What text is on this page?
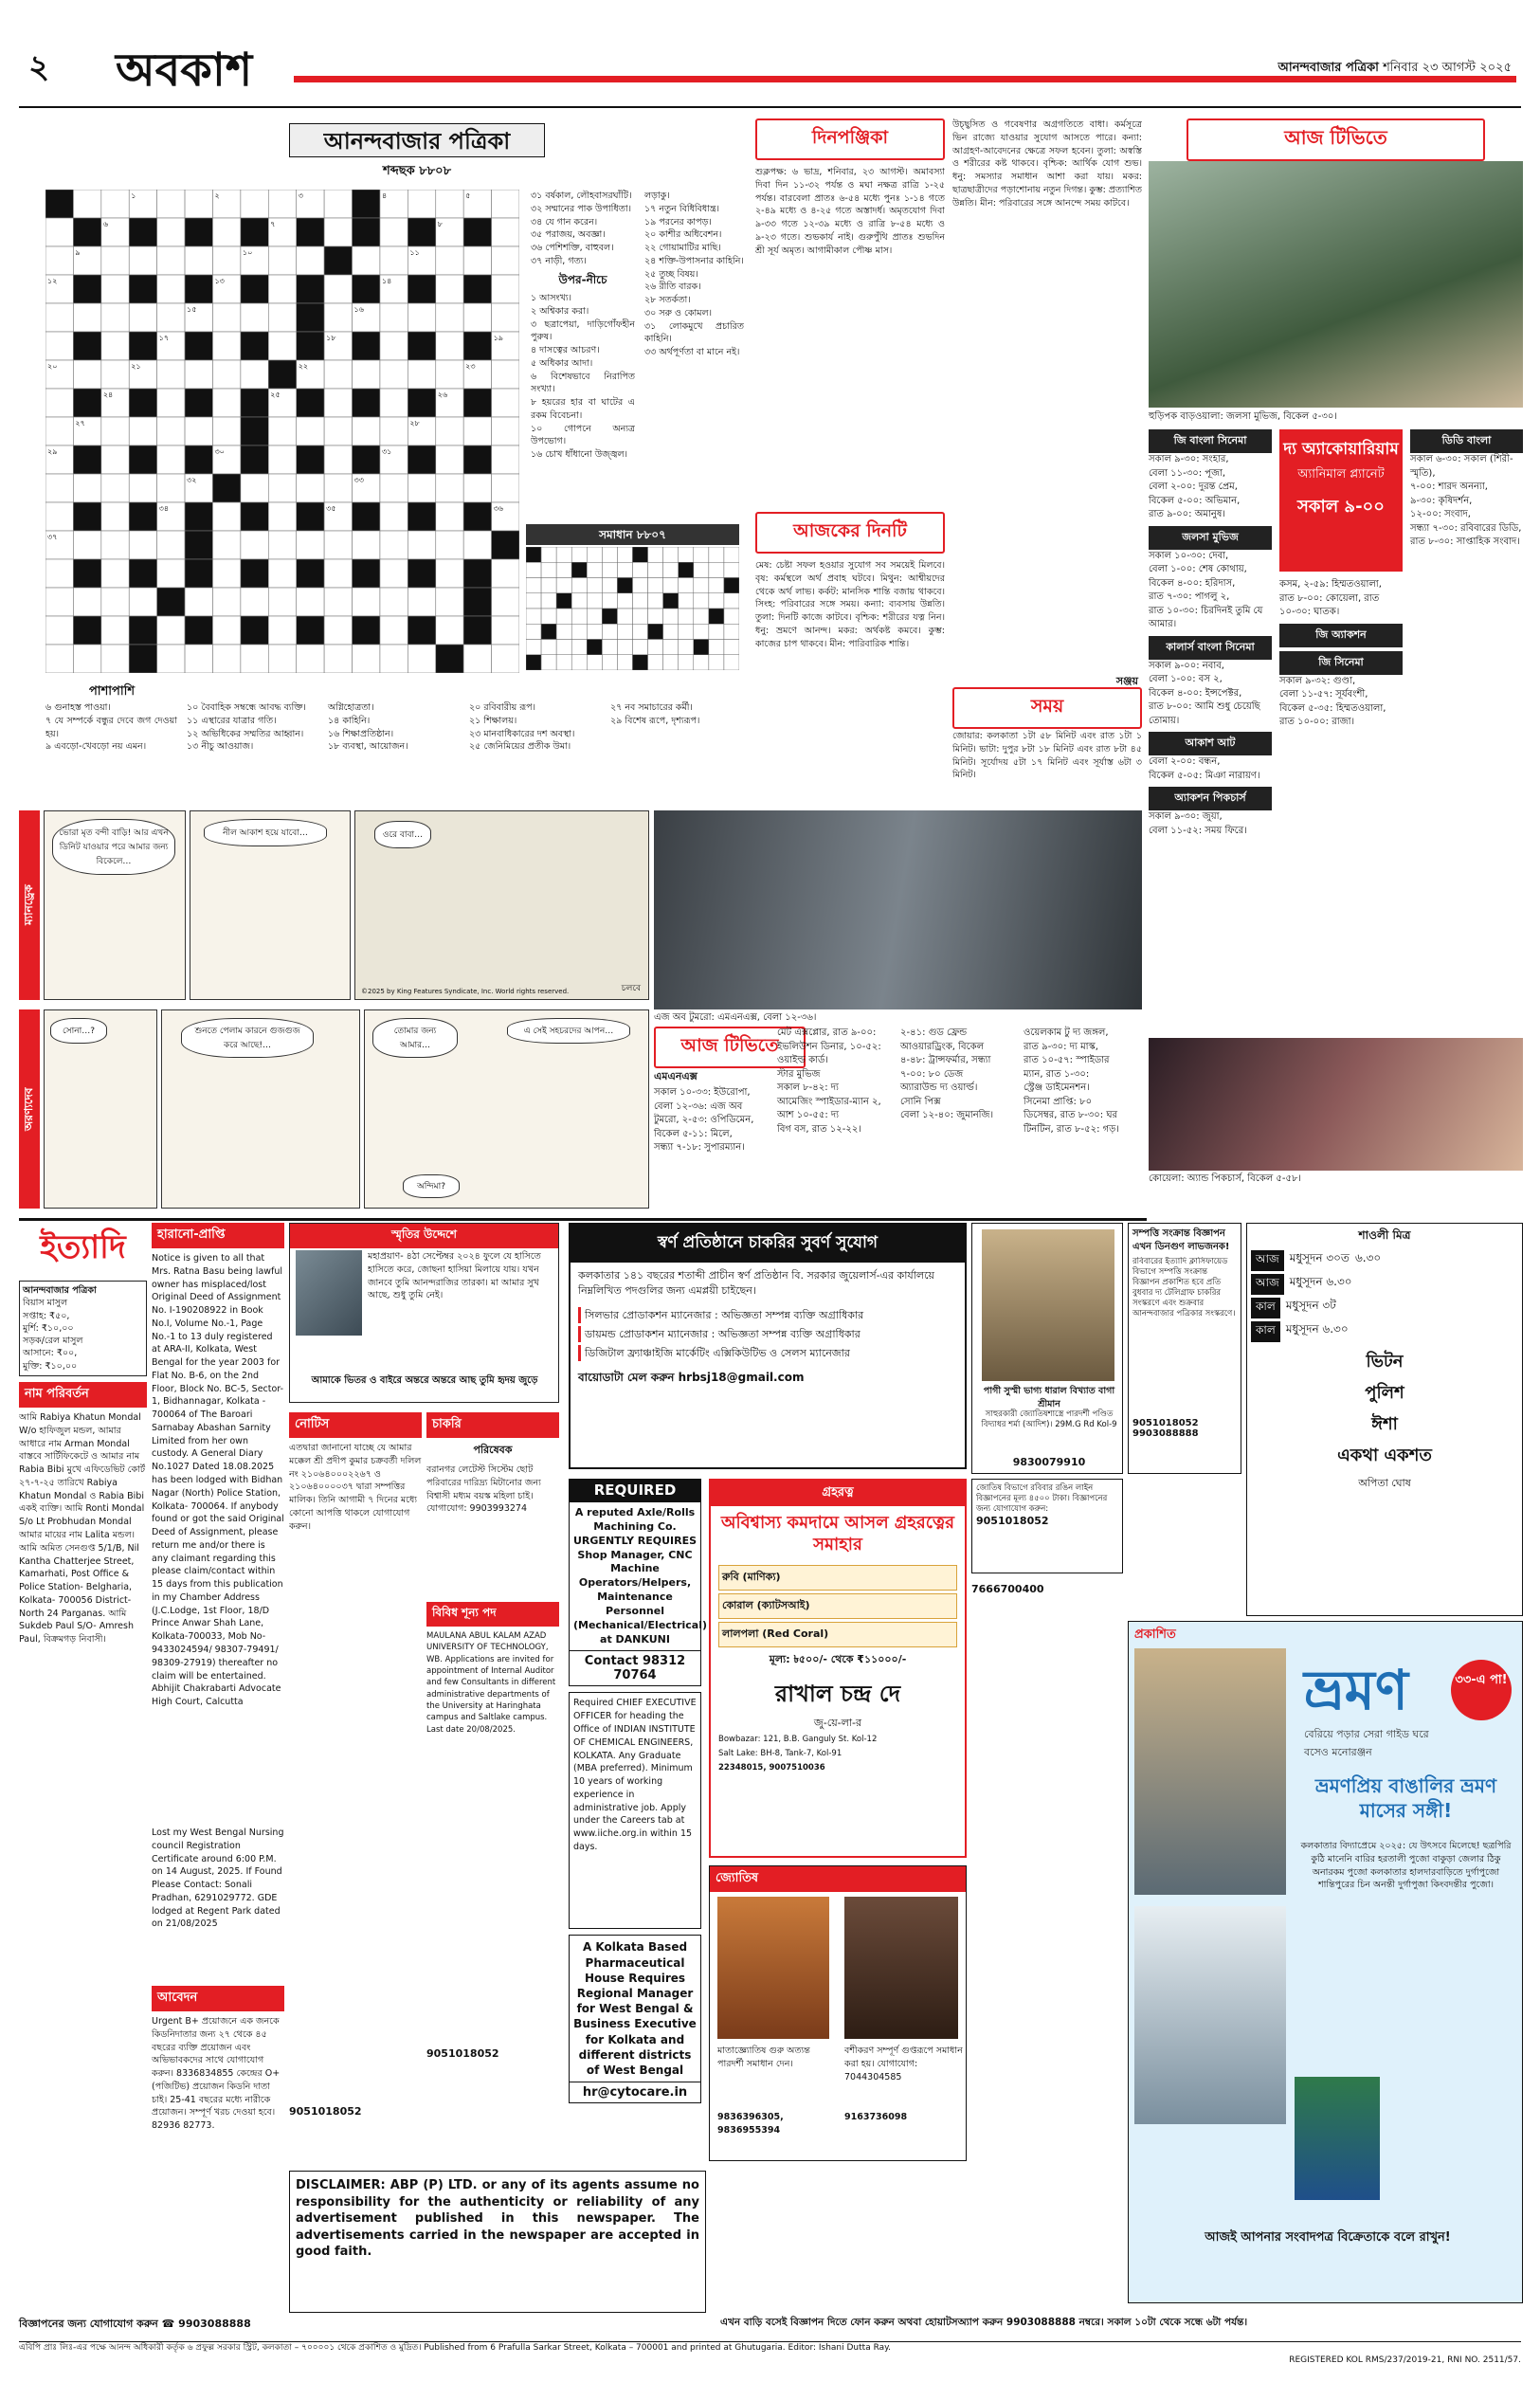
২ অবকাশ	আনন্দবাজার পত্রিকা শনিবার ২৩ আগস্ট ২০২৫
আনন্দবাজার পত্রিকা
শব্দছক ৮৮০৮
১	২	৩	৪	৫
৬	৭	৮
৯	১০	১১
১২	১৩	১৪
১৫	১৬
১৭	১৮	১৯
২০	২১	২২	২৩
২৪	২৫	২৬
২৭	২৮
২৯	৩০	৩১
৩২	৩৩
৩৪	৩৫	৩৬
৩৭
৩১ বর্ষকাল, লৌহবাসরঘাঁটি।
৩২ সম্মানের পাক উপাধিতা।
৩৪ যে গান করেন।
৩৫ পরাজয়, অবজ্ঞা।
৩৬ পেশিশক্তি, বাহুবল।
৩৭ নাড়ী, গত্য।
উপর-নীচে
১ আসংখ্য।
২ অশ্বিকার করা।
৩ ছত্রাপেয়া, দাড়িগোঁফহীন পুরুষ।
৪ দাসত্বের আচরণ।
৫ অধিকার আদা।
৬ বিশেষভাবে নিরাপিত সংখ্যা।
৮ হয়রের হার বা ঘাটের এ রকম বিবেচনা।
১০ গোপনে অন্যত্ৰ উপভোগ।
১৬ চোখ ধাঁধানো উজ্জ্বল।
লড়াকু।
১৭ নতুন বিধিবিধান্ত্র।
১৯ পরনের কাপড়।
২০ কাশীর অধিবেশন।
২২ গোয়ামাটির মাছি।
২৪ শক্তি-উপাসনার কাহিনি।
২৫ তুচ্ছ বিষয়।
২৬ রীতি বারক।
২৮ সতর্কতা।
৩০ সরু ও কোমল।
৩১ লোকমুখে প্রচারিত কাহিনি।
৩৩ অর্থপূর্ণতা বা মানে নই।
সমাধান ৮৮০৭
পাশাপাশি
৬ গুনাহস্ত পাওয়া।
৭ যে সম্পর্কে বন্ধুর দেবে জগ দেওয়া হয়।
৯ এবড়ো-খেবড়ো নয় এমন।
১০ বৈবাহিক সম্বন্ধে আবদ্ধ ব্যক্তি।
১১ এস্থারের যাত্রার গতি।
১২ অভিধিকের সম্মতির আহ্বান।
১৩ নীচু আওয়াজ।
অগ্নিহোত্রতা।
১৪ কাহিনি।
১৬ শিক্ষাপ্রতিষ্ঠান।
১৮ ব্যবস্থা, আয়োজন।
২০ রবিবারীয় রূপ।
২১ শিক্ষালয়।
২৩ মানবাধিকারের দশ অবস্থা।
২৫ জেনিমিয়ের প্রতীক উমা।
২৭ নব সমাচারের কর্মী।
২৯ বিশেষ রূপে, দৃশ্যরূপ।
দিনপঞ্জিকা
শুক্লপক্ষ: ৬ ভাদ্র, শনিবার, ২৩ আগস্ট। অমাবস্যা দিবা দিন ১১-৩২ পর্যন্ত ও মঘা নক্ষত্র রাত্রি ১-২৫ পর্যন্ত। বারবেলা প্রাতঃ ৬-৫৪ মধ্যে পুনঃ ১-১৪ গতে ২-৪৯ মধ্যে ও ৪-২৫ গতে অস্তাদর্ধ। অমৃতযোগ দিবা ৯-৩৩ গতে ১২-৩৯ মধ্যে ও রাত্রি ৮-৫৪ মধ্যে ও ৯-২৩ গতে। শুভকার্য নাই। গুরুপুঁথি প্রাতঃ শুভদিন শ্রী সূর্য অমৃত। আগামীকাল পৌষ্ণ মাস।
আজকের দিনটি
মেষ: চেষ্টা সফল হওয়ার সুযোগ সব সময়েই মিলবে। বৃষ: কর্মস্থলে অর্থ প্রবাহ ঘটবে। মিথুন: আশ্বীয়দের থেকে অর্থ লাভ। কর্কট: মানসিক শান্তি বজায় থাকবে। সিংহ: পরিবারের সঙ্গে সময়। কন্যা: ব্যবসায় উন্নতি। তুলা: দিনটি কাজে কাটবে। বৃশ্চিক: শরীরের যত্ন নিন। ধনু: ভ্রমণে আনন্দ। মকর: অর্থকষ্ট কমবে। কুম্ভ: কাজের চাপ থাকবে। মীন: পারিবারিক শান্তি।
উচ্ছ্বসিত ও গবেষণার অগ্রগতিতে বাধা। কর্মসূত্রে ভিন রাজ্যে যাওয়ার সুযোগ আসতে পারে। কন্যা: আগ্রহণ-আবেদনের ক্ষেত্রে সফল হবেন। তুলা: অস্বস্তি ও শরীরের কষ্ট থাকবে। বৃশ্চিক: আর্থিক যোগ শুভ। ধনু: সমস্যার সমাধান আশা করা যায়। মকর: ছাত্রছাত্রীদের পড়াশোনায় নতুন দিগন্ত। কুম্ভ: প্রত্যাশিত উন্নতি। মীন: পরিবারের সঙ্গে আনন্দে সময় কাটবে।
সঞ্জয়
সময়
জোয়ার: কলকাতা ১টা ৫৮ মিনিট এবং রাত ১টা ১ মিনিট। ভাটা: দুপুর ৮টা ১৮ মিনিট এবং রাত ৮টা ৪৫ মিনিট। সূর্যোদয় ৫টা ১৭ মিনিট এবং সূর্যাস্ত ৬টা ৩ মিনিট।
আজ টিভিতে
হুড়িপক বাড়ওয়ালা: জলসা মুভিজ, বিকেল ৫-৩০।
জি বাংলা সিনেমা
সকাল ৯-৩০: সংহার,
বেলা ১১-৩০: পূজা,
বেলা ২-০০: দুরন্ত প্রেম,
বিকেল ৫-০০: অভিমান,
রাত ৯-০০: অমানুষ।
জলসা মুভিজ
সকাল ১০-৩০: দেবা,
বেলা ১-০০: শেষ কোথায়,
বিকেল ৪-০০: হরিদাস,
রাত ৭-৩০: পাগলু ২,
রাত ১০-৩০: চিরদিনই তুমি যে আমার।
কালার্স বাংলা সিনেমা
সকাল ৯-০০: নবাব,
বেলা ১-০০: বস ২,
বিকেল ৪-০০: ইন্সপেক্টর,
রাত ৮-০০: আমি শুধু চেয়েছি তোমায়।
আকাশ আট
বেলা ২-০০: বন্ধন,
বিকেল ৫-০৫: মিঞা নারায়ণ।
অ্যাকশন পিকচার্স
সকাল ৯-৩০: জুয়া,
বেলা ১১-৫২: সময় ফিরে।
দ্য অ্যাকোয়ারিয়াম
অ্যানিমাল প্ল্যানেট
সকাল ৯-০০
কসম, ২-৫৯: হিম্মতওয়ালা,
রাত ৮-০০: কোয়েলা, রাত ১০-৩০: ঘাতক।
জি অ্যাকশন
জি সিনেমা
সকাল ৯-৩২: গুণ্ডা,
বেলা ১১-৫৭: সূর্যবংশী,
বিকেল ৫-৩৫: হিম্মতওয়ালা,
রাত ১০-০০: রাজা।
ডিডি বাংলা
সকাল ৬-৩০: সকাল (শিরী- স্মৃতি),
৭-০০: শারদ অনন্যা,
৯-৩০: কৃষিদর্শন,
১২-০০: সংবাদ,
সন্ধ্যা ৭-৩০: রবিবারের ডিডি,
রাত ৮-৩০: সাপ্তাহিক সংবাদ।
কোয়েলা: অ্যান্ড পিকচার্স, বিকেল ৫-৫৮।
ম্যানড্রেক
ভোরা মৃত বন্দী বাড়ি! আর এখন ডিনিট যাওয়ার পরে আমার জন্য বিকেলে…
নীল আকাশ হয়ে যাবো…	ওরে বাবা…
চলবে
©2025 by King Features Syndicate, Inc. World rights reserved.
অরণ্যদেব
সোনা…?	শুনতে পেলাম কারনে গুজগুজ করে আছে!…
তোমার জন্য আমার…
এ সেই সহচরদের আপন…
অন্দিমা?
এজ অব টুমরো: এমএনএক্স, বেলা ১২-৩৬।
আজ টিভিতে
এমএনএক্স
সকাল ১০-৩৩: ইউরোপা,
বেলা ১২-৩৬: এজ অব
টুমরো, ২-৫৩: ওপিডিমেন,
বিকেল ৫-১১: মিলে,
সন্ধ্যা ৭-১৮: সুপারম্যান।
মেট এক্সপ্লোর, রাত ৯-০০:
ইভলিউশন ডিনার, ১০-৫২:
ওয়াইল্ড কার্ড।
স্টার মুভিজ
সকাল ৮-৪২: দ্য
আমেজিং স্পাইডার-ম্যান ২,
আশ ১০-৫৫: দ্য
বিগ বস, রাত ১২-২২।
২-৪১: গুড ফ্রেন্ড
আওয়ারড্রিংক, বিকেল
৪-৪৮: ট্রান্সফর্মার, সন্ধ্যা
৭-০০: ৮০ ডেজ
অ্যারাউন্ড দ্য ওয়ার্ল্ড।
সোনি পিক্স
বেলা ১২-৪০: জুমানজি।
ওয়েলকাম টু দ্য জঙ্গল,
রাত ৯-৩০: দ্য মাস্ক,
রাত ১০-৫৭: স্পাইডার
ম্যান, রাত ১-৩০:
স্ট্রেঞ্জ ডাইমেনশন।
সিনেমা প্রাপ্তি: ৮০
ডিসেম্বর, রাত ৮-৩০: ঘর
টিনটিন, রাত ৮-৫২: গড়।
ইত্যাদি
আনন্দবাজার পত্রিকা
বিয়াস মাসুল
সপ্তাহ: ₹৫০,
মুর্শি: ₹১০,০০
সড়ক/রেল মাসুল
আসানে: ₹০০,
মুক্তি: ₹১০,০০
নাম পরিবর্তন
আমি Rabiya Khatun Mondal W/o হাফিজুল মন্ডল, আমার আধারে নাম Arman Mondal বাস্তবে সার্টিফিকেটে ও আমার নাম Rabia Bibi মুখে এফিডেভিট কোর্ট ২৭-৭-২৫ তারিখে Rabiya Khatun Mondal ও Rabia Bibi একই ব্যক্তি। আমি Ronti Mondal S/o Lt Probhudan Mondal আমার মায়ের নাম Lalita মন্ডল। আমি অমিত সেনগুপ্ত 5/1/B, Nil Kantha Chatterjee Street, Kamarhati, Post Office & Police Station- Belgharia, Kolkata- 700056 District- North 24 Parganas. আমি Sukdeb Paul S/O- Amresh Paul, বিক্রমগড় নিবাসী।
হারানো-প্রাপ্তি
Notice is given to all that Mrs. Ratna Basu being lawful owner has misplaced/lost Original Deed of Assignment No. I-190208922 in Book No.I, Volume No.-1, Page No.-1 to 13 duly registered at ARA-II, Kolkata, West Bengal for the year 2003 for Flat No. B-6, on the 2nd Floor, Block No. BC-5, Sector-1, Bidhannagar, Kolkata - 700064 of The Baroari Sarnabay Abashan Sarnity Limited from her own custody. A General Diary No.1027 Dated 18.08.2025 has been lodged with Bidhan Nagar (North) Police Station, Kolkata- 700064. If anybody found or got the said Original Deed of Assignment, please return me and/or there is any claimant regarding this please claim/contact within 15 days from this publication in my Chamber Address (J.C.Lodge, 1st Floor, 18/D Prince Anwar Shah Lane, Kolkata-700033, Mob No- 9433024594/ 98307-79491/ 98309-27919) thereafter no claim will be entertained. Abhijit Chakrabarti Advocate High Court, Calcutta
Lost my West Bengal Nursing council Registration Certificate around 6:00 P.M. on 14 August, 2025. If Found Please Contact: Sonali Pradhan, 6291029772. GDE lodged at Regent Park dated on 21/08/2025
আবেদন
Urgent B+ প্রয়োজনে এক জনকে কিডনিদাতার জন্য ২৭ থেকে ৪৫ বছরের ব্যক্তি প্রয়োজন এবং অভিভাবকদের সাথে যোগাযোগ করুন। 8336834855 কেন্দ্রের O+ (পজিটিভ) প্রয়োজন কিডনি দাতা চাই। 25-41 বছরের মধ্যে নারীকে প্রয়োজন। সম্পূর্ণ খরচ দেওয়া হবে। 82936 82773.
স্মৃতির উদ্দেশে
মহাপ্রয়াণ- ৪ঠা সেপ্টেম্বর ২০২৪ ফুলে যে হাসিতে হাসিতে করে, জোছনা হাসিয়া মিলায়ে যায়। যখন জানবে তুমি আনন্দরাজির তারকা। মা আমার সুখ আছে, শুধু তুমি নেই।
আমাকে ভিতর ও বাইরে অন্তরে অন্তরে আছ তুমি হৃদয় জুড়ে
নোটিস
এতদ্বারা জানানো যাচ্ছে যে আমার মক্কেল শ্রী প্রদীপ কুমার চক্রবর্তী দলিল নং ২১০৬৪০০০২২৬৭ ও ২১০৬৪০০০০৩৭ দ্বারা সম্পত্তির মালিক। তিনি আগামী ৭ দিনের মধ্যে কোনো আপত্তি থাকলে যোগাযোগ করুন।
9051018052
চাকরি
পরিষেবক
বরানগর লেটেস্ট সিস্টেম ছোট পরিবারের দারিদ্র্য মিটানোর জন্য বিশ্বাসী মধ্যম বয়স্ক মহিলা চাই। যোগাযোগ: 9903993274
বিবিধ শূন্য পদ
MAULANA ABUL KALAM AZAD UNIVERSITY OF TECHNOLOGY, WB. Applications are invited for appointment of Internal Auditor and few Consultants in different administrative departments of the University at Haringhata campus and Saltlake campus. Last date 20/08/2025.
9051018052
স্বর্ণ প্রতিষ্ঠানে চাকরির সুবর্ণ সুযোগ
কলকাতার ১৪১ বছরের শতাব্দী প্রাচীন স্বর্ণ প্রতিষ্ঠান বি. সরকার জুয়েলার্স-এর কার্যালয়ে নিম্নলিখিত পদগুলির জন্য এমপ্লয়ী চাইছেন।
সিলভার প্রোডাকশন ম্যানেজার : অভিজ্ঞতা সম্পন্ন ব্যক্তি অগ্রাধিকার
ডায়মন্ড প্রোডাকশন ম্যানেজার : অভিজ্ঞতা সম্পন্ন ব্যক্তি অগ্রাধিকার
ডিজিটাল ফ্র্যাঞ্চাইজি মার্কেটিং এক্সিকিউটিভ ও সেলস ম্যানেজার
বায়োডাটা মেল করুন hrbsj18@gmail.com
REQUIRED
A reputed Axle/Rolls Machining Co. URGENTLY REQUIRES Shop Manager, CNC Machine Operators/Helpers, Maintenance Personnel (Mechanical/Electrical) at DANKUNI
Contact 98312 70764
Required CHIEF EXECUTIVE OFFICER for heading the Office of INDIAN INSTITUTE OF CHEMICAL ENGINEERS, KOLKATA. Any Graduate (MBA preferred). Minimum 10 years of working experience in administrative job. Apply under the Careers tab at www.iiche.org.in within 15 days.
A Kolkata Based Pharmaceutical House Requires Regional Manager for West Bengal & Business Executive for Kolkata and different districts of West Bengal
hr@cytocare.in
গ্রহরত্ন
অবিশ্বাস্য কমদামে আসল গ্রহরত্নের সমাহার
রুবি (মাণিক্য)
কোরাল (ক্যাটসআই)
লালপলা (Red Coral)
মূল্য: ৳৫০০/- থেকে ₹১১০০০/-
রাখাল চন্দ্র দে
জু-য়ে-লা-র
Bowbazar: 121, B.B. Ganguly St. Kol-12
Salt Lake: BH-8, Tank-7, Kol-91
22348015, 9007510036
জ্যোতিষ
মাতাজ্ঞ্যোতিষ গুরু অত্যন্ত পারদর্শী সমাধান দেন।
9836396305, 9836955394
বশীকরণ সম্পূর্ণ গুপ্তরূপে সমাধান করা হয়। যোগাযোগ: 7044304585
9163736098
পাগী সুস্মী ভাগ্য ধারাল বিখ্যাত বাগা শ্রীমান
সাহুরকারী জ্যোতিষশাস্ত্রে পারদর্শী পণ্ডিত বিদ্যাধর শর্মা (আদিশ)। 29M.G Rd Kol-9
9830079910
সম্পত্তি সংক্রান্ত বিজ্ঞাপন এখন ডিনগুণ লাভজনক!
রবিবারের ইত্যাদি ক্লাসিফায়েড বিভাগে সম্পত্তি সংক্রান্ত বিজ্ঞাপন প্রকাশিত হবে প্রতি বুধবার দ্য টেলিগ্রাফ চাকরির সংস্করণে এবং শুক্রবার আনন্দবাজার পত্রিকার সংস্করণে।
9051018052
9903088888
জোতিষ বিভাগে রবিবার রঙিন লাইন বিজ্ঞাপনের মূল্য ৪৫০০ টাকা। বিজ্ঞাপনের জন্য যোগাযোগ করুন:
9051018052
শাওলী মিত্র
আজ মধুসূদন ৩০ত ৬.৩০
আজ মধুসূদন ৬.৩০
কাল মধুসূদন ৩ট
কাল মধুসূদন ৬.৩০
ভিটন
পুলিশ
ঈশা
একথা একশত
অপিতা ঘোষ
প্রকাশিত
ভ্রমণ
বেরিয়ে পড়ার সেরা গাইড ঘরে বসেও মনোরঞ্জন
৩৩-এ পা!
ভ্রমণপ্রিয় বাঙালির ভ্রমণ মাসের সঙ্গী!
কলকাতার বিদ্যাপ্রেমে ২০২৫: যে উৎসবে মিলেছে! ছত্রপিরি কুঠি মানেনি বারির হরতালী পুজো বাকুড়া জেলার ঠিকু অনারকম পুজো কলকাতার হালদারবাড়িতে দুর্গাপুজো শান্তিপুরের চিন অনন্তী দুর্গাপুজা কিংবদন্তীর পুজো।
আজই আপনার সংবাদপত্র বিক্রেতাকে বলে রাখুন!
DISCLAIMER: ABP (P) LTD. or any of its agents assume no responsibility for the authenticity or reliability of any advertisement published in this newspaper. The advertisements carried in the newspaper are accepted in good faith.
বিজ্ঞাপনের জন্য যোগাযোগ করুন ☎ 9903088888	এখন বাড়ি বসেই বিজ্ঞাপন দিতে ফোন করুন অথবা হোয়াটসঅ্যাপ করুন 9903088888 নম্বরে। সকাল ১০টা থেকে সন্ধে ৬টা পর্যন্ত।
7666700400
এবিপি প্রাঃ লিঃ-এর পক্ষে আনন্দ অধিকারী কর্তৃক ৬ প্রফুল্ল সরকার স্ট্রিট, কলকাতা – ৭০০০০১ থেকে প্রকাশিত ও মুদ্রিত। Published from 6 Prafulla Sarkar Street, Kolkata – 700001 and printed at Ghutugaria. Editor: Ishani Dutta Ray.
REGISTERED KOL RMS/237/2019-21, RNI NO. 2511/57.
